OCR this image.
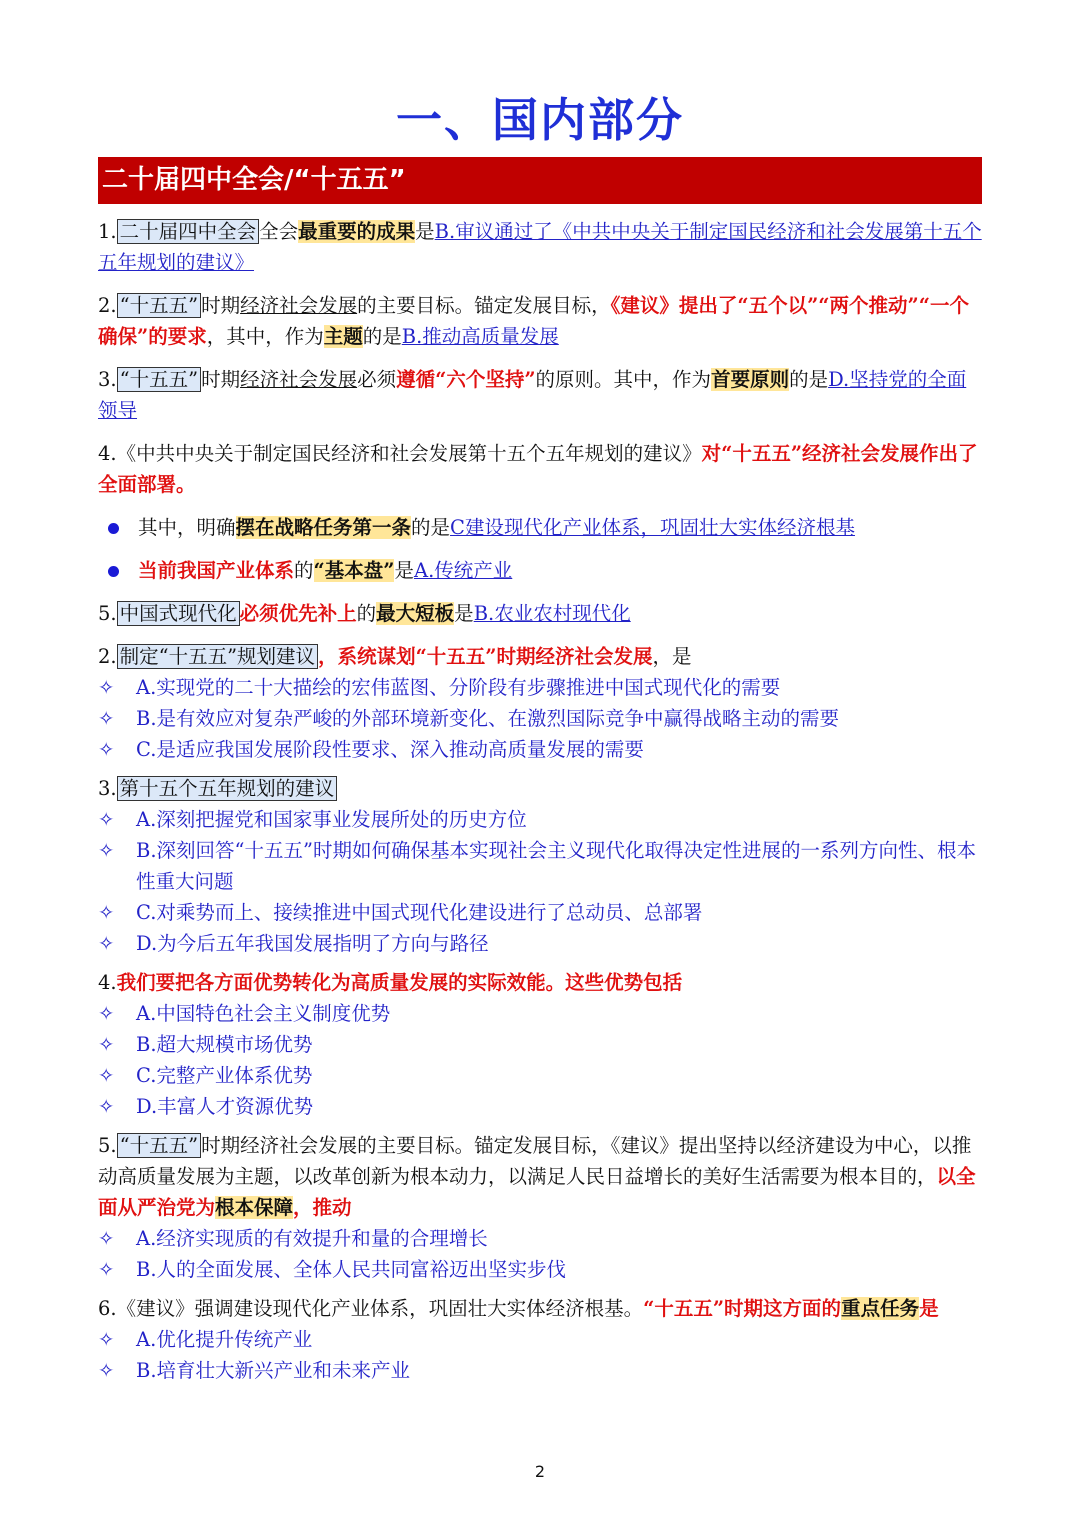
一、国内部分
二十届四中全会/“十五五”

1. 二十届四中全会 全会最重要的成果是B.审议通过了《中共中央关于制定国民经济和社会发展第十五个五年规划的建议》

2. “十五五” 时期经济社会发展的主要目标。锚定发展目标，《建议》提出了“五个以”“两个推动”“一个确保”的要求，其中，作为主题的是B.推动高质量发展

3. “十五五” 时期经济社会发展必须遵循“六个坚持”的原则。其中，作为首要原则的是D.坚持党的全面领导

4.《中共中央关于制定国民经济和社会发展第十五个五年规划的建议》对“十五五”经济社会发展作出了全面部署。

其中，明确摆在战略任务第一条的是C建设现代化产业体系，巩固壮大实体经济根基

当前我国产业体系的“基本盘”是A.传统产业

5. 中国式现代化 必须优先补上的最大短板是B.农业农村现代化

2. 制定“十五五”规划建议 ，系统谋划“十五五”时期经济社会发展，是

✧ A.实现党的二十大描绘的宏伟蓝图、分阶段有步骤推进中国式现代化的需要
✧ B.是有效应对复杂严峻的外部环境新变化、在激烈国际竞争中赢得战略主动的需要
✧ C.是适应我国发展阶段性要求、深入推动高质量发展的需要

3. 第十五个五年规划的建议

✧ A.深刻把握党和国家事业发展所处的历史方位
✧ B.深刻回答“十五五”时期如何确保基本实现社会主义现代化取得决定性进展的一系列方向性、根本性重大问题
✧ C.对乘势而上、接续推进中国式现代化建设进行了总动员、总部署
✧ D.为今后五年我国发展指明了方向与路径

4.我们要把各方面优势转化为高质量发展的实际效能。这些优势包括

✧ A.中国特色社会主义制度优势
✧ B.超大规模市场优势
✧ C.完整产业体系优势
✧ D.丰富人才资源优势

5. “十五五” 时期经济社会发展的主要目标。锚定发展目标，《建议》提出坚持以经济建设为中心，以推动高质量发展为主题，以改革创新为根本动力，以满足人民日益增长的美好生活需要为根本目的，以全面从严治党为根本保障，推动

✧ A.经济实现质的有效提升和量的合理增长
✧ B.人的全面发展、全体人民共同富裕迈出坚实步伐

6.《建议》强调建设现代化产业体系，巩固壮大实体经济根基。“十五五”时期这方面的重点任务是

✧ A.优化提升传统产业
✧ B.培育壮大新兴产业和未来产业
2
